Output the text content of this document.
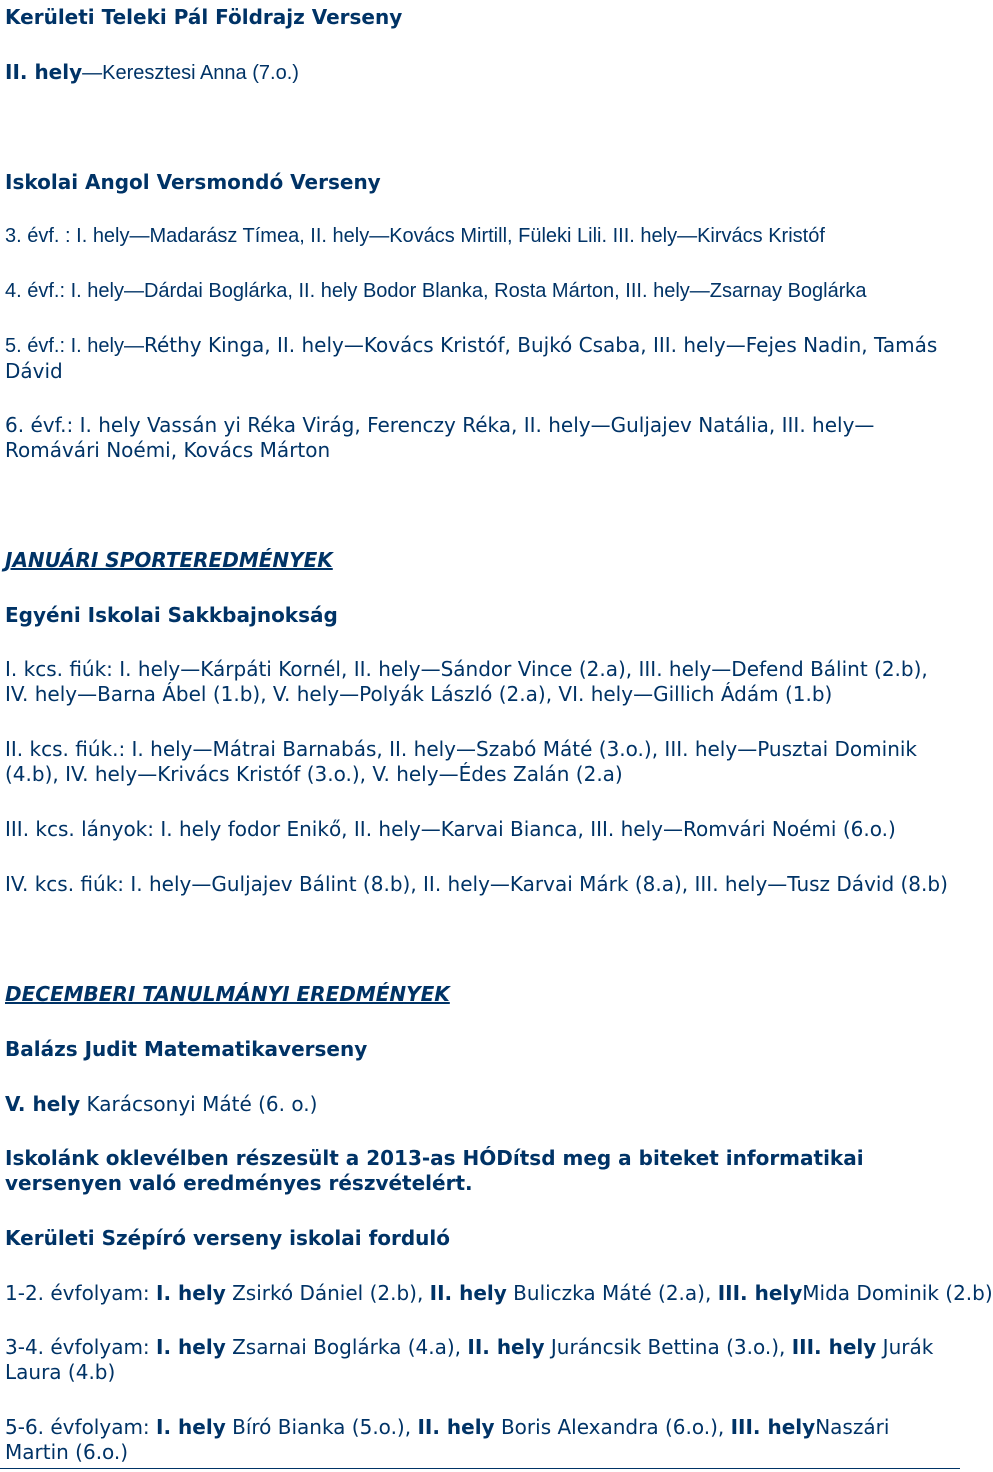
Kerületi Teleki Pál Földrajz Verseny
II. hely—Keresztesi Anna (7.o.)
Iskolai Angol Versmondó Verseny
3. évf. : I. hely—Madarász Tímea, II. hely—Kovács Mirtill, Füleki Lili. III. hely—Kirvács Kristóf
4. évf.: I. hely—Dárdai Boglárka, II. hely Bodor Blanka, Rosta Márton, III. hely—Zsarnay Boglárka
5. évf.: I. hely—Réthy Kinga, II. hely—Kovács Kristóf, Bujkó Csaba, III. hely—Fejes Nadin, Tamás Dávid
6. évf.: I. hely Vassán yi Réka Virág, Ferenczy Réka, II. hely—Guljajev Natália, III. hely—Romávári Noémi, Kovács Márton
JANUÁRI SPORTEREDMÉNYEK
Egyéni Iskolai Sakkbajnokság
I. kcs. fiúk: I. hely—Kárpáti Kornél, II. hely—Sándor Vince (2.a), III. hely—Defend Bálint (2.b), IV. hely—Barna Ábel (1.b), V. hely—Polyák László (2.a), VI. hely—Gillich Ádám (1.b)
II. kcs. fiúk.: I. hely—Mátrai Barnabás, II. hely—Szabó Máté (3.o.), III. hely—Pusztai Dominik (4.b), IV. hely—Krivács Kristóf (3.o.), V. hely—Édes Zalán (2.a)
III. kcs. lányok: I. hely fodor Enikő, II. hely—Karvai Bianca, III. hely—Romvári Noémi (6.o.)
IV. kcs. fiúk: I. hely—Guljajev Bálint (8.b), II. hely—Karvai Márk (8.a), III. hely—Tusz Dávid (8.b)
DECEMBERI TANULMÁNYI EREDMÉNYEK
Balázs Judit Matematikaverseny
V. hely Karácsonyi Máté (6. o.)
Iskolánk oklevélben részesült a 2013-as HÓDítsd meg a biteket informatikai versenyen való eredményes részvételért.
Kerületi Szépíró verseny iskolai forduló
1-2. évfolyam: I. hely Zsirkó Dániel (2.b), II. hely Buliczka Máté (2.a), III. helyMida Dominik (2.b)
3-4. évfolyam: I. hely Zsarnai Boglárka (4.a), II. hely Juráncsik Bettina (3.o.), III. hely Jurák Laura (4.b)
5-6. évfolyam: I. hely Bíró Bianka (5.o.), II. hely Boris Alexandra (6.o.), III. helyNaszári Martin (6.o.)
